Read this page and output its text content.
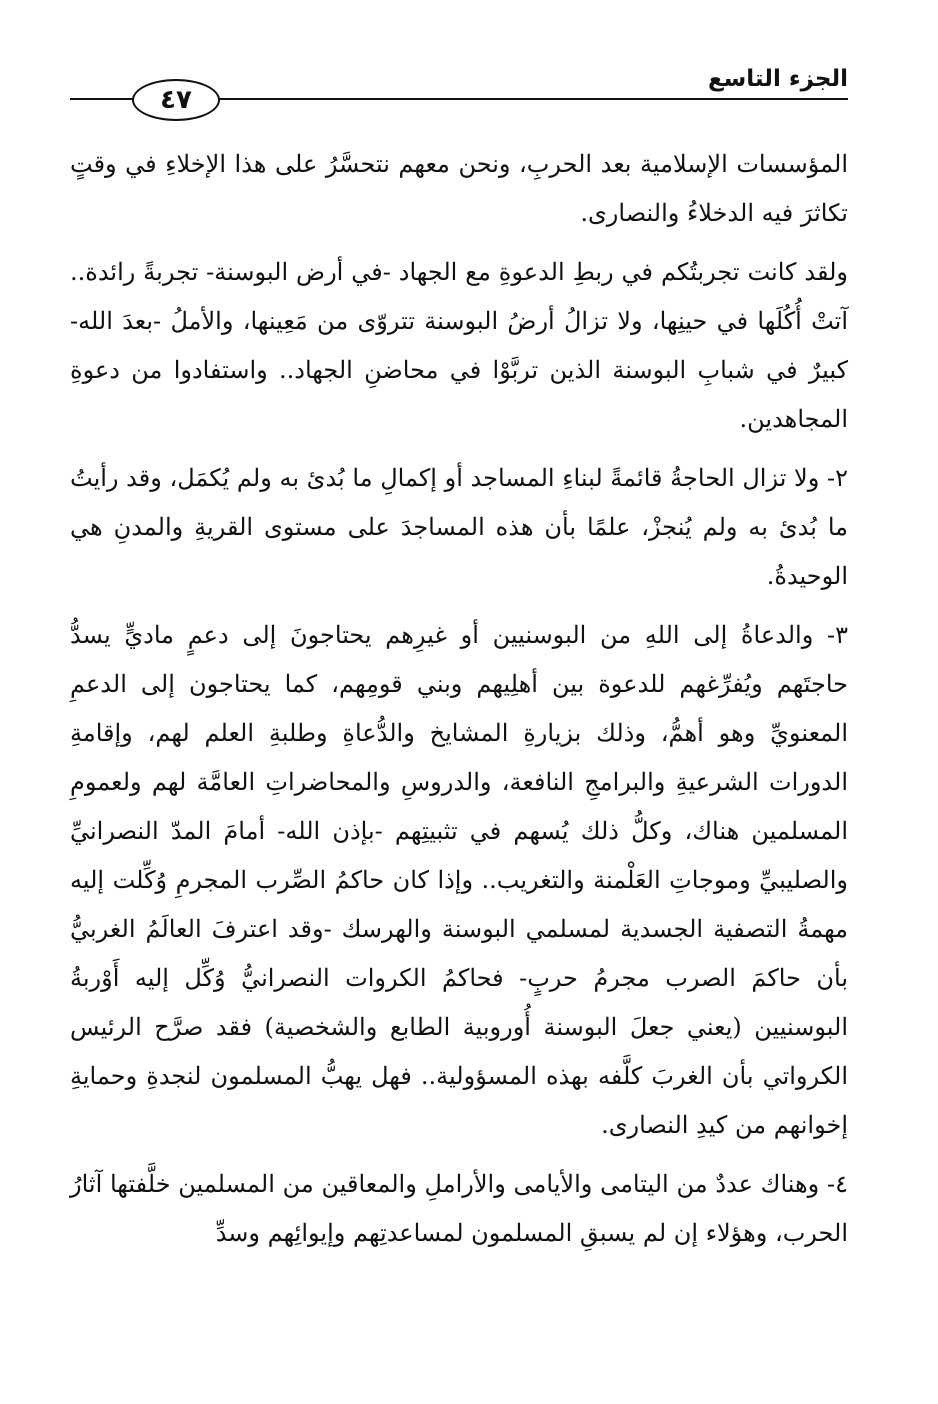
الجزء التاسع
٤٧

المؤسسات الإسلامية بعد الحربِ، ونحن معهم نتحسَّرُ على هذا الإخلاءِ في وقتٍ تكاثرَ فيه الدخلاءُ والنصارى.

ولقد كانت تجربتُكم في ربطِ الدعوةِ مع الجهاد -في أرض البوسنة- تجربةً رائدة.. آتتْ أُكُلَها في حينِها، ولا تزالُ أرضُ البوسنة تتروّى من مَعِينها، والأملُ -بعدَ الله- كبيرٌ في شبابِ البوسنة الذين تربَّوْا في محاضنِ الجهاد.. واستفادوا من دعوةِ المجاهدين.

٢- ولا تزال الحاجةُ قائمةً لبناءِ المساجد أو إكمالِ ما بُدئ به ولم يُكمَل، وقد رأيتُ ما بُدئ به ولم يُنجزْ، علمًا بأن هذه المساجدَ على مستوى القريةِ والمدنِ هي الوحيدةُ.

٣- والدعاةُ إلى اللهِ من البوسنيين أو غيرِهم يحتاجونَ إلى دعمٍ ماديٍّ يسدُّ حاجتَهم ويُفرِّغهم للدعوة بين أهلِيهم وبني قومِهم، كما يحتاجون إلى الدعمِ المعنويِّ وهو أهمُّ، وذلك بزيارةِ المشايخ والدُّعاةِ وطلبةِ العلم لهم، وإقامةِ الدورات الشرعيةِ والبرامجِ النافعة، والدروسِ والمحاضراتِ العامَّة لهم ولعمومِ المسلمين هناك، وكلُّ ذلك يُسهم في تثبيتِهم -بإذن الله- أمامَ المدّ النصرانيِّ والصليبيِّ وموجاتِ العَلْمنة والتغريب.. وإذا كان حاكمُ الصِّرب المجرمِ وُكِّلت إليه مهمةُ التصفية الجسدية لمسلمي البوسنة والهرسك -وقد اعترفَ العالَمُ الغربيُّ بأن حاكمَ الصرب مجرمُ حربٍ- فحاكمُ الكروات النصرانيُّ وُكِّل إليه أَوْربةُ البوسنيين (يعني جعلَ البوسنة أُوروبية الطابع والشخصية) فقد صرَّح الرئيس الكرواتي بأن الغربَ كلَّفه بهذه المسؤولية.. فهل يهبُّ المسلمون لنجدةِ وحمايةِ إخوانهم من كيدِ النصارى.

٤- وهناك عددٌ من اليتامى والأيامى والأراملِ والمعاقين من المسلمين خلَّفتها آثارُ الحرب، وهؤلاء إن لم يسبقِ المسلمون لمساعدتِهم وإيوائِهم وسدِّ
